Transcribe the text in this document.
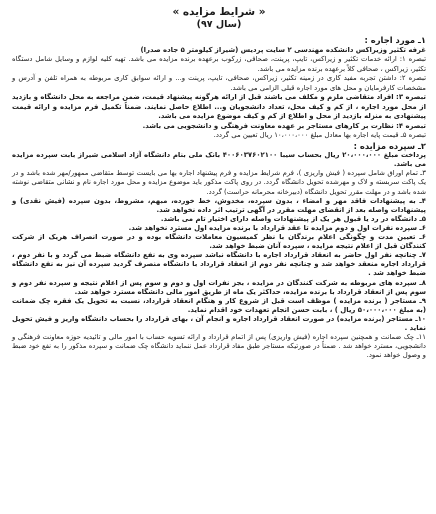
« شرایط مزایده »
(سال ۹۷)
۱ـ مورد اجاره :

غرفه تکثیر وزیراکس دانشکده مهندسی ۲ سایت پردیس (شیراز کیلومتر ۵ جاده صدرا)

تبصره ۱: ارائه خدمات تکثیر و زیراکس، تایپ، پرینت، صحافی، زرکوب برعهده برنده مزایده می باشد. تهیه کلیه لوازم و وسایل شامل دستگاه تکثیر، زیراکس ، صحافی کلاً برعهده برنده مزایده می باشد.

تبصره ۲: داشتن تجربه مفید کاری در زمینه تکثیر، زیراکس، صحافی، تایپ، پرینت و... و ارائه سوابق کاری مربوطه به همراه تلفن و آدرس و مشخصات کارفرمایان و محل های مورد اجاره قبلی الزامی می باشد.

تبصره ۳: افراد متقاضی ملزم و مکلف می باشند قبل از ارائه هرگونه پیشنهاد قیمت، ضمن مراجعه به محل دانشگاه و بازدید از محل مورد اجاره ، از کم و کیف محل، تعداد دانشجویان و... اطلاع حاصل نمایند. ضمناً تکمیل فرم مزایده و ارائه قیمت پیشنهادی به منزله بازدید از محل و اطلاع از کم و کیف موضوع مزایده می باشد.

تبصره ۴: نظارت بر کارهای مستاجر بر عهده معاونت فرهنگی و دانشجویی می باشد.

تبصره ۵ـ قیمت پایه اجاره بها معادل مبلغ ۱۰،۰۰۰،۰۰۰ ریال تعیین می گردد.

۲ـ سپرده مزایده :

پرداخت مبلغ ۲۰،۰۰۰،۰۰۰ ریال بحساب سیبا ۴۰۰۶۰۳۷۶۰۲۱۰۰ بانک ملی بنام دانشگاه آزاد اسلامی شیراز بابت سپرده مزایده می باشد.

۳ـ تمام اوراق شامل سپرده ( فیش واریزی )، فرم شرایط مزایده و فرم پیشنهاد اجاره بها می بایست توسط متقاضی ممهور/مهر شده باشد و در یک پاکت سربسته و لاک و مهرشده تحویل دانشگاه گردد. در روی پاکت مذکور باید موضوع مزایده و محل مورد اجاره نام و نشانی متقاضی نوشته شده باشد و در مهلت مقرر تحویل دانشگاه (دبیرخانه محرمانه حراست) گردد.

۴ـ به پیشنهادات فاقد مهر و امضاء ، بدون سپرده، مخدوش، خط خورده، مبهم، مشروط، بدون سپرده (فیش نقدی) و پیشنهادات واصله بعد از انقضای مهلت مقرر در آگهی ترتیب اثر داده نخواهد شد.

۵ـ دانشگاه در رد یا قبول هر یک از پیشنهادات واصله دارای اختیار تام می باشد.

۶ـ سپرده نفرات اول و دوم مزایده تا عقد قرارداد با برنده مزایده اول مسترد نخواهد شد.

۶ـ تعیین مدت و چگونگی اعلام برندگان با نظر کمیسیون معاملات دانشگاه بوده و در صورت انصراف هریک از شرکت کنندگان قبل از اعلام نتیجه مزایده ، سپرده آنان ضبط خواهد شد.

۷ـ چنانچه نفر اول حاضر به انعقاد قرارداد اجاره با دانشگاه نباشد سپرده وی به نفع دانشگاه ضبط می گردد و با نفر دوم ، قرارداد اجاره منعقد خواهد شد و چنانچه نفر دوم از انعقاد قرارداد با دانشگاه منصرف گردید سپرده آن نیز به نفع دانشگاه ضبط خواهد شد .

۸ـ سپرده های مربوطه به شرکت کنندگان در مزایده ، بجز نفرات اول و دوم و سوم پس از اعلام نتیجه و سپرده نفر دوم و سوم پس از انعقاد قرارداد با برنده مزایده، حداکثر یک ماه از طریق امور مالی دانشگاه مسترد خواهد شد.

۹ـ مستاجر ( برنده مزایده ) موظف است قبل از شروع کار و هنگام انعقاد قرارداد، نسبت به تحویل یک فقره چک ضمانت (به مبلغ ۵۰،۰۰۰،۰۰۰ ریال ) ، بابت حسن انجام تعهدات خود اقدام نماید.

۱۰ـ مستاجر (برنده مزایده) در صورت انعقاد قرارداد اجاره و انجام آن ، بهای قرارداد را بحساب دانشگاه واریز و فیش تحویل نماید .

۱۱ـ چک ضمانت و همچنین سپرده اجاره (فیش واریزی) پس از اتمام قرارداد و ارائه تسویه حساب با امور مالی و تائیدیه حوزه معاونت فرهنگی و دانشجویی، مسترد خواهد شد . ضمناً در صورتیکه مستاجر طبق مفاد قرارداد عمل ننماید دانشگاه چک ضمانت و سپرده مذکور را به نفع خود ضبط و وصول خواهد نمود.
